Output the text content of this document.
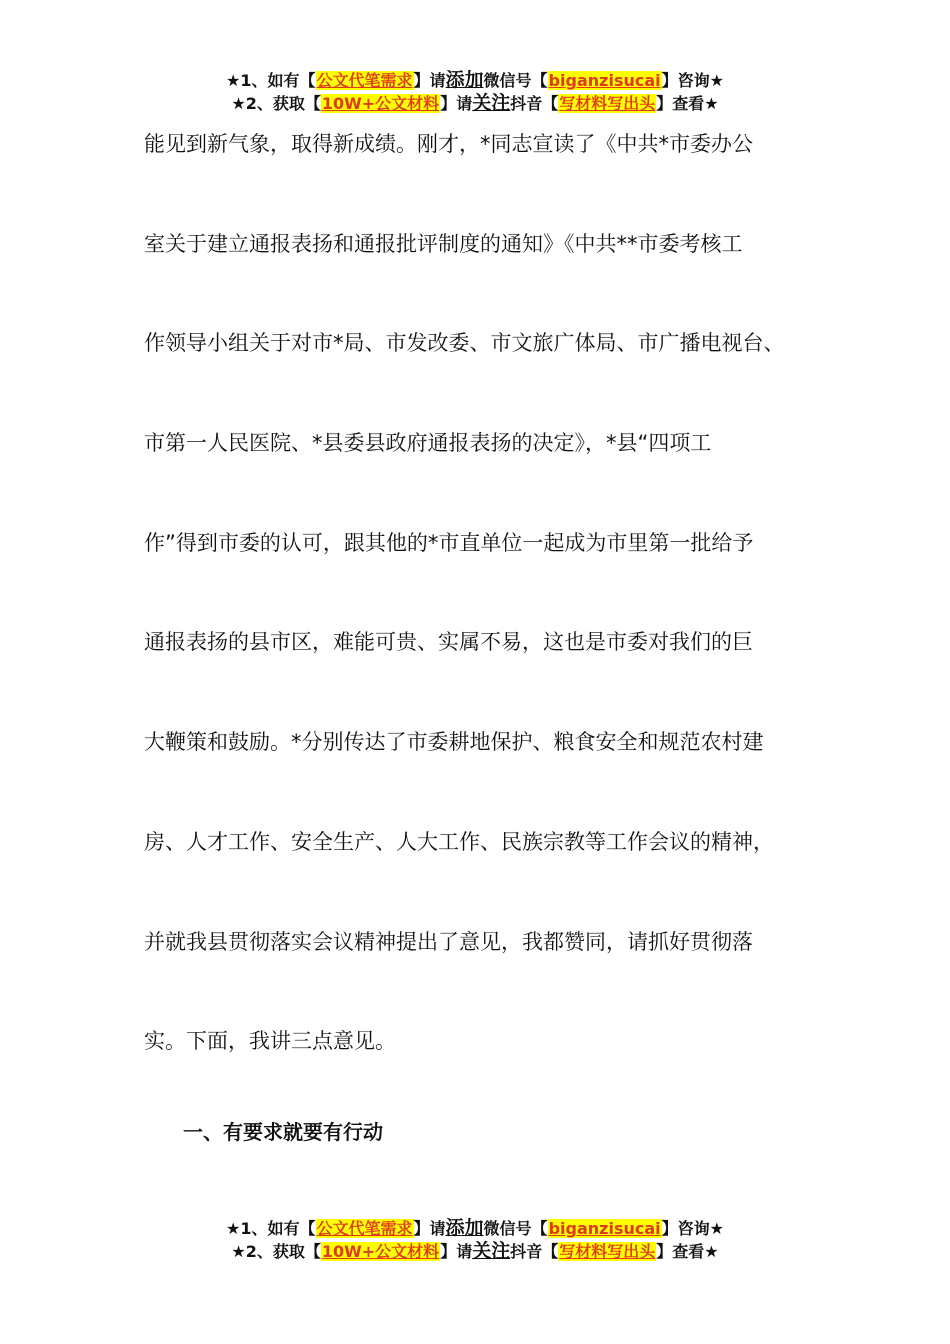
★1、如有【公文代笔需求】请添加微信号【biganzisucai】咨询★
★2、获取【10W+公文材料】请关注抖音【写材料写出头】查看★
能见到新气象，取得新成绩。刚才，*同志宣读了《中共*市委办公
室关于建立通报表扬和通报批评制度的通知》《中共**市委考核工
作领导小组关于对市*局、市发改委、市文旅广体局、市广播电视台、
市第一人民医院、*县委县政府通报表扬的决定》，*县“四项工
作”得到市委的认可，跟其他的*市直单位一起成为市里第一批给予
通报表扬的县市区，难能可贵、实属不易，这也是市委对我们的巨
大鞭策和鼓励。*分别传达了市委耕地保护、粮食安全和规范农村建
房、人才工作、安全生产、人大工作、民族宗教等工作会议的精神，
并就我县贯彻落实会议精神提出了意见，我都赞同，请抓好贯彻落
实。下面，我讲三点意见。
一、有要求就要有行动
★1、如有【公文代笔需求】请添加微信号【biganzisucai】咨询★
★2、获取【10W+公文材料】请关注抖音【写材料写出头】查看★
